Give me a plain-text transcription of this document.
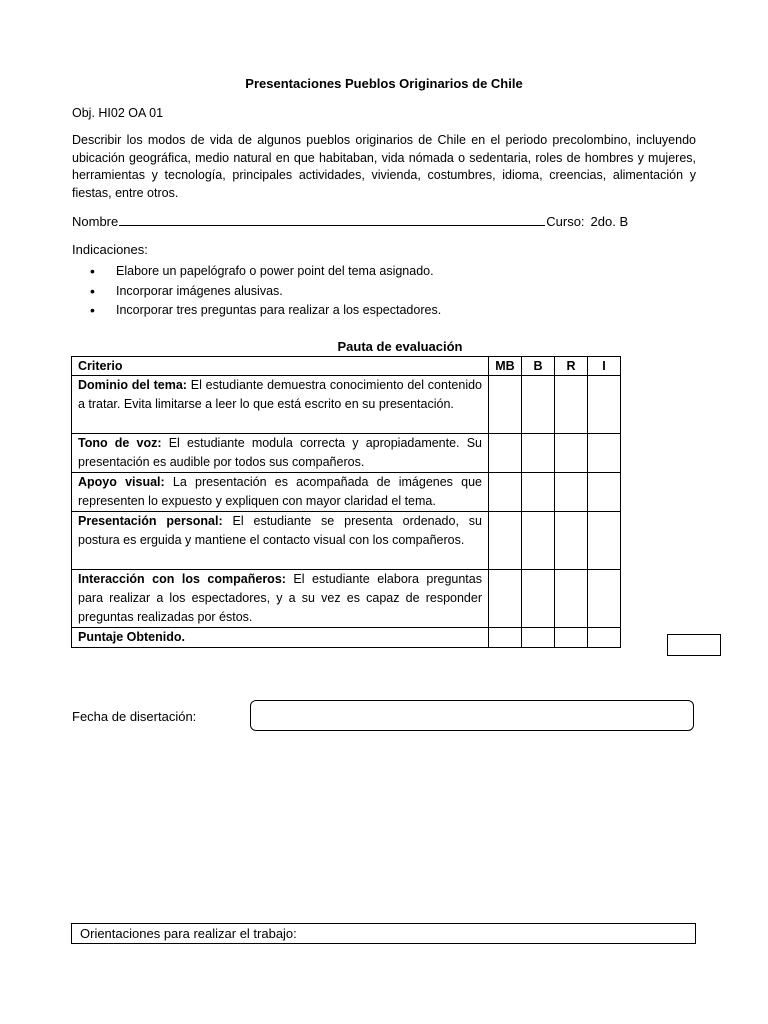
Presentaciones Pueblos Originarios de Chile
Obj. HI02 OA 01
Describir los modos de vida de algunos pueblos originarios de Chile en el periodo precolombino, incluyendo ubicación geográfica, medio natural en que habitaban, vida nómada o sedentaria, roles de hombres y mujeres, herramientas y tecnología, principales actividades, vivienda, costumbres, idioma, creencias, alimentación y fiestas, entre otros.
Nombre	Curso: 2do. B
Indicaciones:
• Elabore un papelógrafo o power point del tema asignado.
• Incorporar imágenes alusivas.
• Incorporar tres preguntas para realizar a los espectadores.
Pauta de evaluación
Criterio	MB	B	R	I
Dominio del tema: El estudiante demuestra conocimiento del contenido a tratar. Evita limitarse a leer lo que está escrito en su presentación.				
Tono de voz: El estudiante modula correcta y apropiadamente. Su presentación es audible por todos sus compañeros.				
Apoyo visual: La presentación es acompañada de imágenes que representen lo expuesto y expliquen con mayor claridad el tema.				
Presentación personal: El estudiante se presenta ordenado, su postura es erguida y mantiene el contacto visual con los compañeros.				
Interacción con los compañeros: El estudiante elabora preguntas para realizar a los espectadores, y a su vez es capaz de responder preguntas realizadas por éstos.				
Puntaje Obtenido.				
Fecha de disertación:
Orientaciones para realizar el trabajo:
